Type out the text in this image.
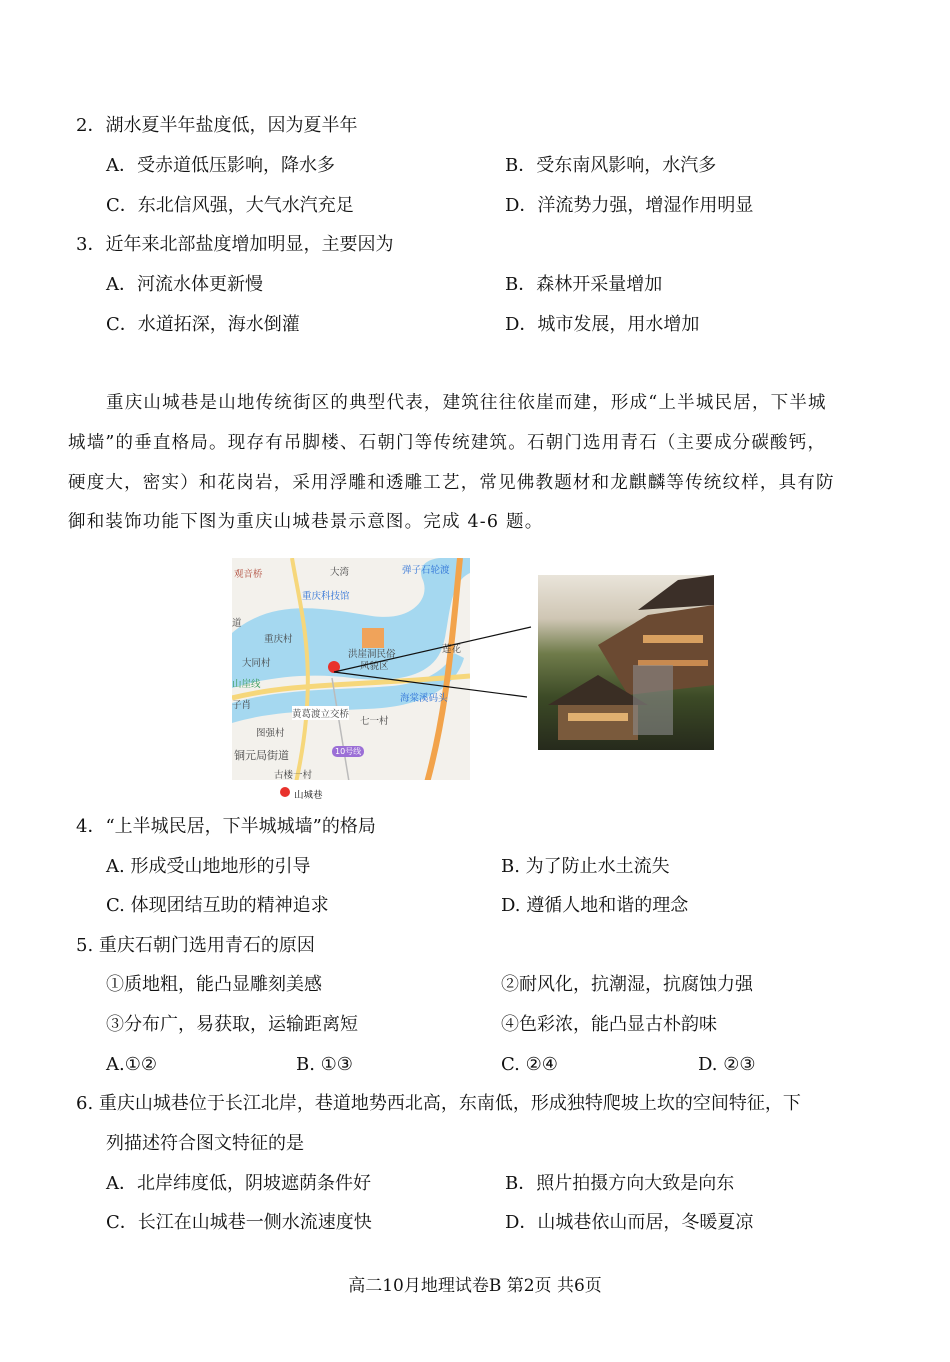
2．湖水夏半年盐度低，因为夏半年
A．受赤道低压影响，降水多	B．受东南风影响，水汽多
C．东北信风强，大气水汽充足	D．洋流势力强，增湿作用明显
3．近年来北部盐度增加明显，主要因为
A．河流水体更新慢	B．森林开采量增加
C．水道拓深，海水倒灌	D．城市发展，用水增加
重庆山城巷是山地传统街区的典型代表，建筑往往依崖而建，形成“上半城民居，下半城
城墙”的垂直格局。现存有吊脚楼、石朝门等传统建筑。石朝门选用青石（主要成分碳酸钙，
硬度大，密实）和花岗岩，采用浮雕和透雕工艺，常见佛教题材和龙麒麟等传统纹样，具有防
御和装饰功能下图为重庆山城巷景示意图。完成 4-6 题。
观音桥	大湾	弹子石轮渡
重庆科技馆
道
重庆村
洪崖洞民俗
风貌区
莲花
大同村
山崖线
子肖
海棠溪码头
黄葛渡立交桥
七一村
图强村
铜元局街道	10号线
古楼一村
山城巷
4．“上半城民居，下半城城墙”的格局
A. 形成受山地地形的引导	B. 为了防止水土流失
C. 体现团结互助的精神追求	D. 遵循人地和谐的理念
5. 重庆石朝门选用青石的原因
①质地粗，能凸显雕刻美感	②耐风化，抗潮湿，抗腐蚀力强
③分布广，易获取，运输距离短	④色彩浓，能凸显古朴韵味
A.①②	B. ①③	C. ②④	D. ②③
6. 重庆山城巷位于长江北岸，巷道地势西北高，东南低，形成独特爬坡上坎的空间特征，下
列描述符合图文特征的是
A．北岸纬度低，阴坡遮荫条件好	B．照片拍摄方向大致是向东
C．长江在山城巷一侧水流速度快	D．山城巷依山而居，冬暖夏凉
高二10月地理试卷B 第2页 共6页
